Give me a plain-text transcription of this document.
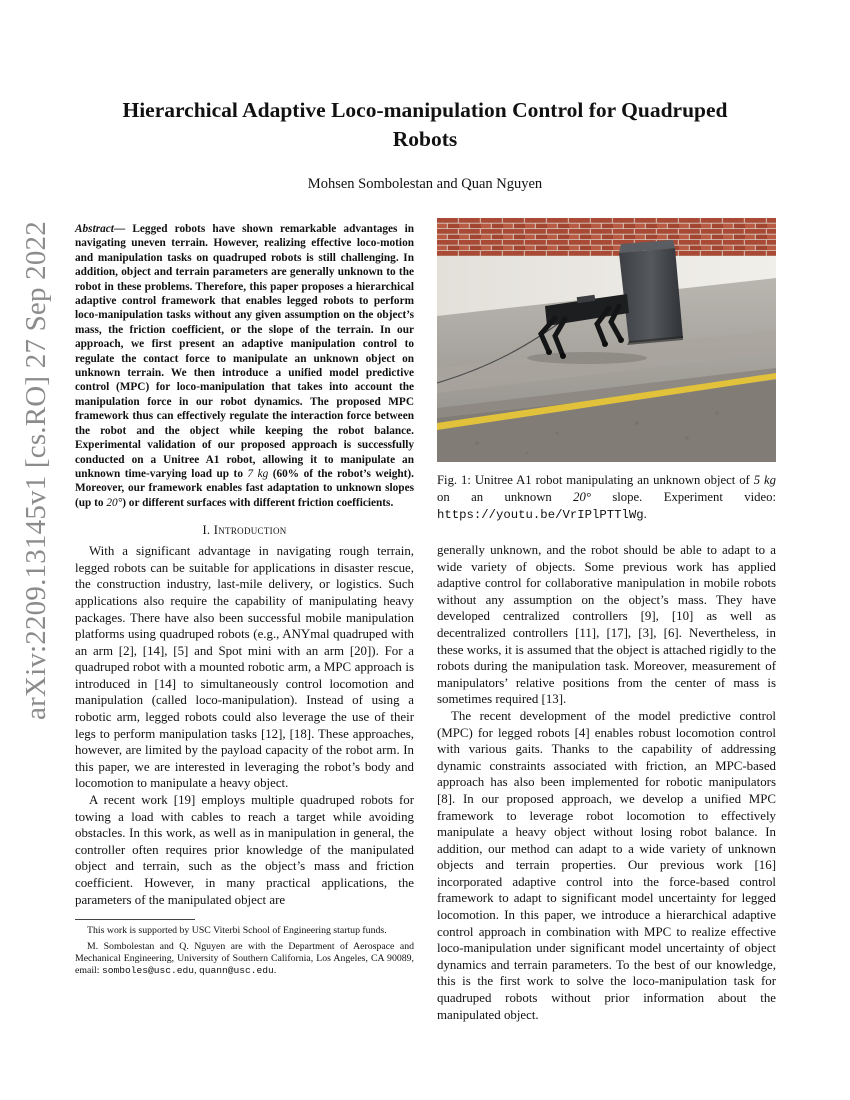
arXiv:2209.13145v1 [cs.RO] 27 Sep 2022
Hierarchical Adaptive Loco-manipulation Control for Quadruped Robots
Mohsen Sombolestan and Quan Nguyen
Abstract— Legged robots have shown remarkable advantages in navigating uneven terrain. However, realizing effective loco-motion and manipulation tasks on quadruped robots is still challenging. In addition, object and terrain parameters are generally unknown to the robot in these problems. Therefore, this paper proposes a hierarchical adaptive control framework that enables legged robots to perform loco-manipulation tasks without any given assumption on the object’s mass, the friction coefficient, or the slope of the terrain. In our approach, we first present an adaptive manipulation control to regulate the contact force to manipulate an unknown object on unknown terrain. We then introduce a unified model predictive control (MPC) for loco-manipulation that takes into account the manipulation force in our robot dynamics. The proposed MPC framework thus can effectively regulate the interaction force between the robot and the object while keeping the robot balance. Experimental validation of our proposed approach is successfully conducted on a Unitree A1 robot, allowing it to manipulate an unknown time-varying load up to 7 kg (60% of the robot’s weight). Moreover, our framework enables fast adaptation to unknown slopes (up to 20°) or different surfaces with different friction coefficients.
I. Introduction

With a significant advantage in navigating rough terrain, legged robots can be suitable for applications in disaster rescue, the construction industry, last-mile delivery, or logistics. Such applications also require the capability of manipulating heavy packages. There have also been successful mobile manipulation platforms using quadruped robots (e.g., ANYmal quadruped with an arm [2], [14], [5] and Spot mini with an arm [20]). For a quadruped robot with a mounted robotic arm, a MPC approach is introduced in [14] to simultaneously control locomotion and manipulation (called loco-manipulation). Instead of using a robotic arm, legged robots could also leverage the use of their legs to perform manipulation tasks [12], [18]. These approaches, however, are limited by the payload capacity of the robot arm. In this paper, we are interested in leveraging the robot’s body and locomotion to manipulate a heavy object.

A recent work [19] employs multiple quadruped robots for towing a load with cables to reach a target while avoiding obstacles. In this work, as well as in manipulation in general, the controller often requires prior knowledge of the manipulated object and terrain, such as the object’s mass and friction coefficient. However, in many practical applications, the parameters of the manipulated object are

This work is supported by USC Viterbi School of Engineering startup funds.

M. Sombolestan and Q. Nguyen are with the Department of Aerospace and Mechanical Engineering, University of Southern California, Los Angeles, CA 90089, email: somboles@usc.edu, quann@usc.edu.

Fig. 1: Unitree A1 robot manipulating an unknown object of 5 kg on an unknown 20° slope. Experiment video: https://youtu.be/VrIPlPTTlWg.

generally unknown, and the robot should be able to adapt to a wide variety of objects. Some previous work has applied adaptive control for collaborative manipulation in mobile robots without any assumption on the object’s mass. They have developed centralized controllers [9], [10] as well as decentralized controllers [11], [17], [3], [6]. Nevertheless, in these works, it is assumed that the object is attached rigidly to the robots during the manipulation task. Moreover, measurement of manipulators’ relative positions from the center of mass is sometimes required [13].

The recent development of the model predictive control (MPC) for legged robots [4] enables robust locomotion control with various gaits. Thanks to the capability of addressing dynamic constraints associated with friction, an MPC-based approach has also been implemented for robotic manipulators [8]. In our proposed approach, we develop a unified MPC framework to leverage robot locomotion to effectively manipulate a heavy object without losing robot balance. In addition, our method can adapt to a wide variety of unknown objects and terrain properties. Our previous work [16] incorporated adaptive control into the force-based control framework to adapt to significant model uncertainty for legged locomotion. In this paper, we introduce a hierarchical adaptive control approach in combination with MPC to realize effective loco-manipulation under significant model uncertainty of object dynamics and terrain parameters. To the best of our knowledge, this is the first work to solve the loco-manipulation task for quadruped robots without prior information about the manipulated object.
